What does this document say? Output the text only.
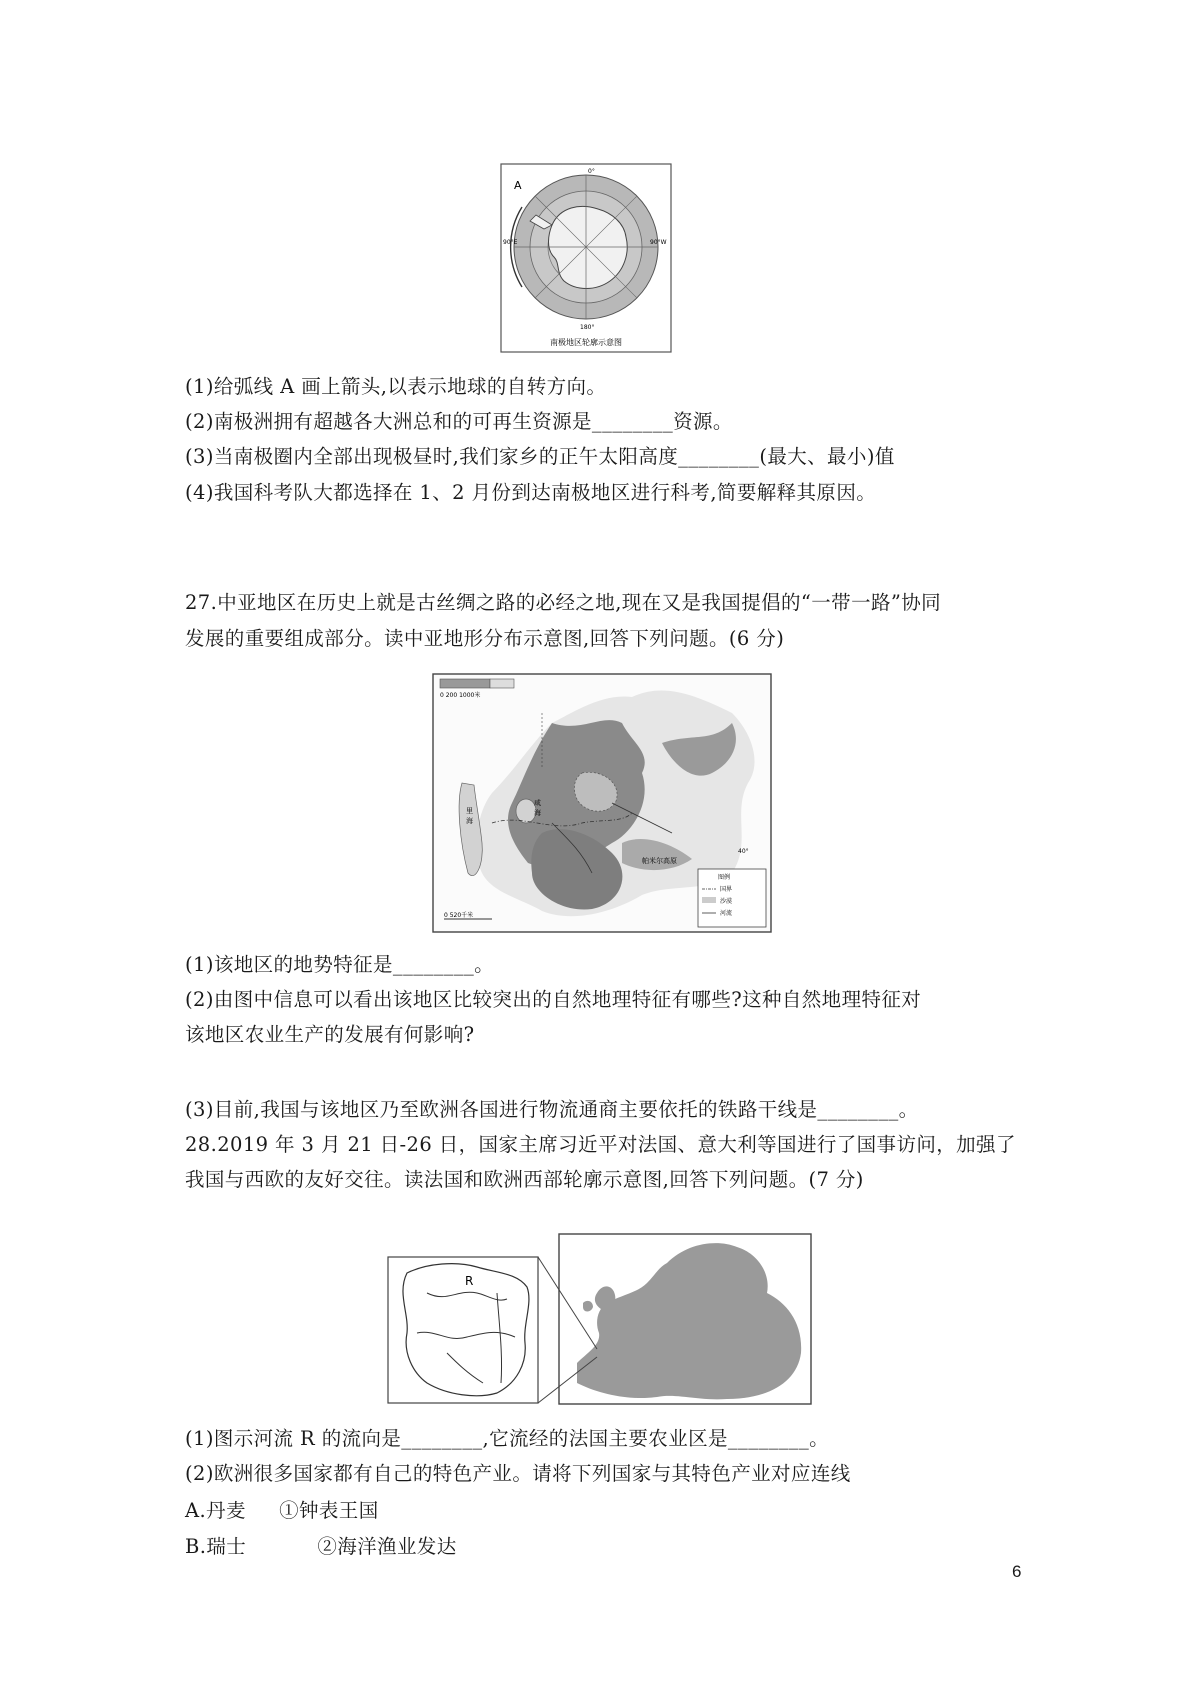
A
90°E	90°W
0°
180°
南极地区轮廓示意图
(1)给弧线 A 画上箭头,以表示地球的自转方向。
(2)南极洲拥有超越各大洲总和的可再生资源是________资源。
(3)当南极圈内全部出现极昼时,我们家乡的正午太阳高度________(最大、最小)值
(4)我国科考队大都选择在 1、2 月份到达南极地区进行科考,简要解释其原因。
27.中亚地区在历史上就是古丝绸之路的必经之地,现在又是我国提倡的“一带一路”协同
发展的重要组成部分。读中亚地形分布示意图,回答下列问题。(6 分)
0 200 1000米
里海
咸海
帕米尔高原
40°
0 520千米
图例
国界
沙漠
河流
(1)该地区的地势特征是________。
(2)由图中信息可以看出该地区比较突出的自然地理特征有哪些?这种自然地理特征对
该地区农业生产的发展有何影响?
(3)目前,我国与该地区乃至欧洲各国进行物流通商主要依托的铁路干线是________。
28.2019 年 3 月 21 日-26 日，国家主席习近平对法国、意大利等国进行了国事访问，加强了
我国与西欧的友好交往。读法国和欧洲西部轮廓示意图,回答下列问题。(7 分)
R
(1)图示河流 R 的流向是________,它流经的法国主要农业区是________。
(2)欧洲很多国家都有自己的特色产业。请将下列国家与其特色产业对应连线
A.丹麦 ①钟表王国
B.瑞士	②海洋渔业发达
6
